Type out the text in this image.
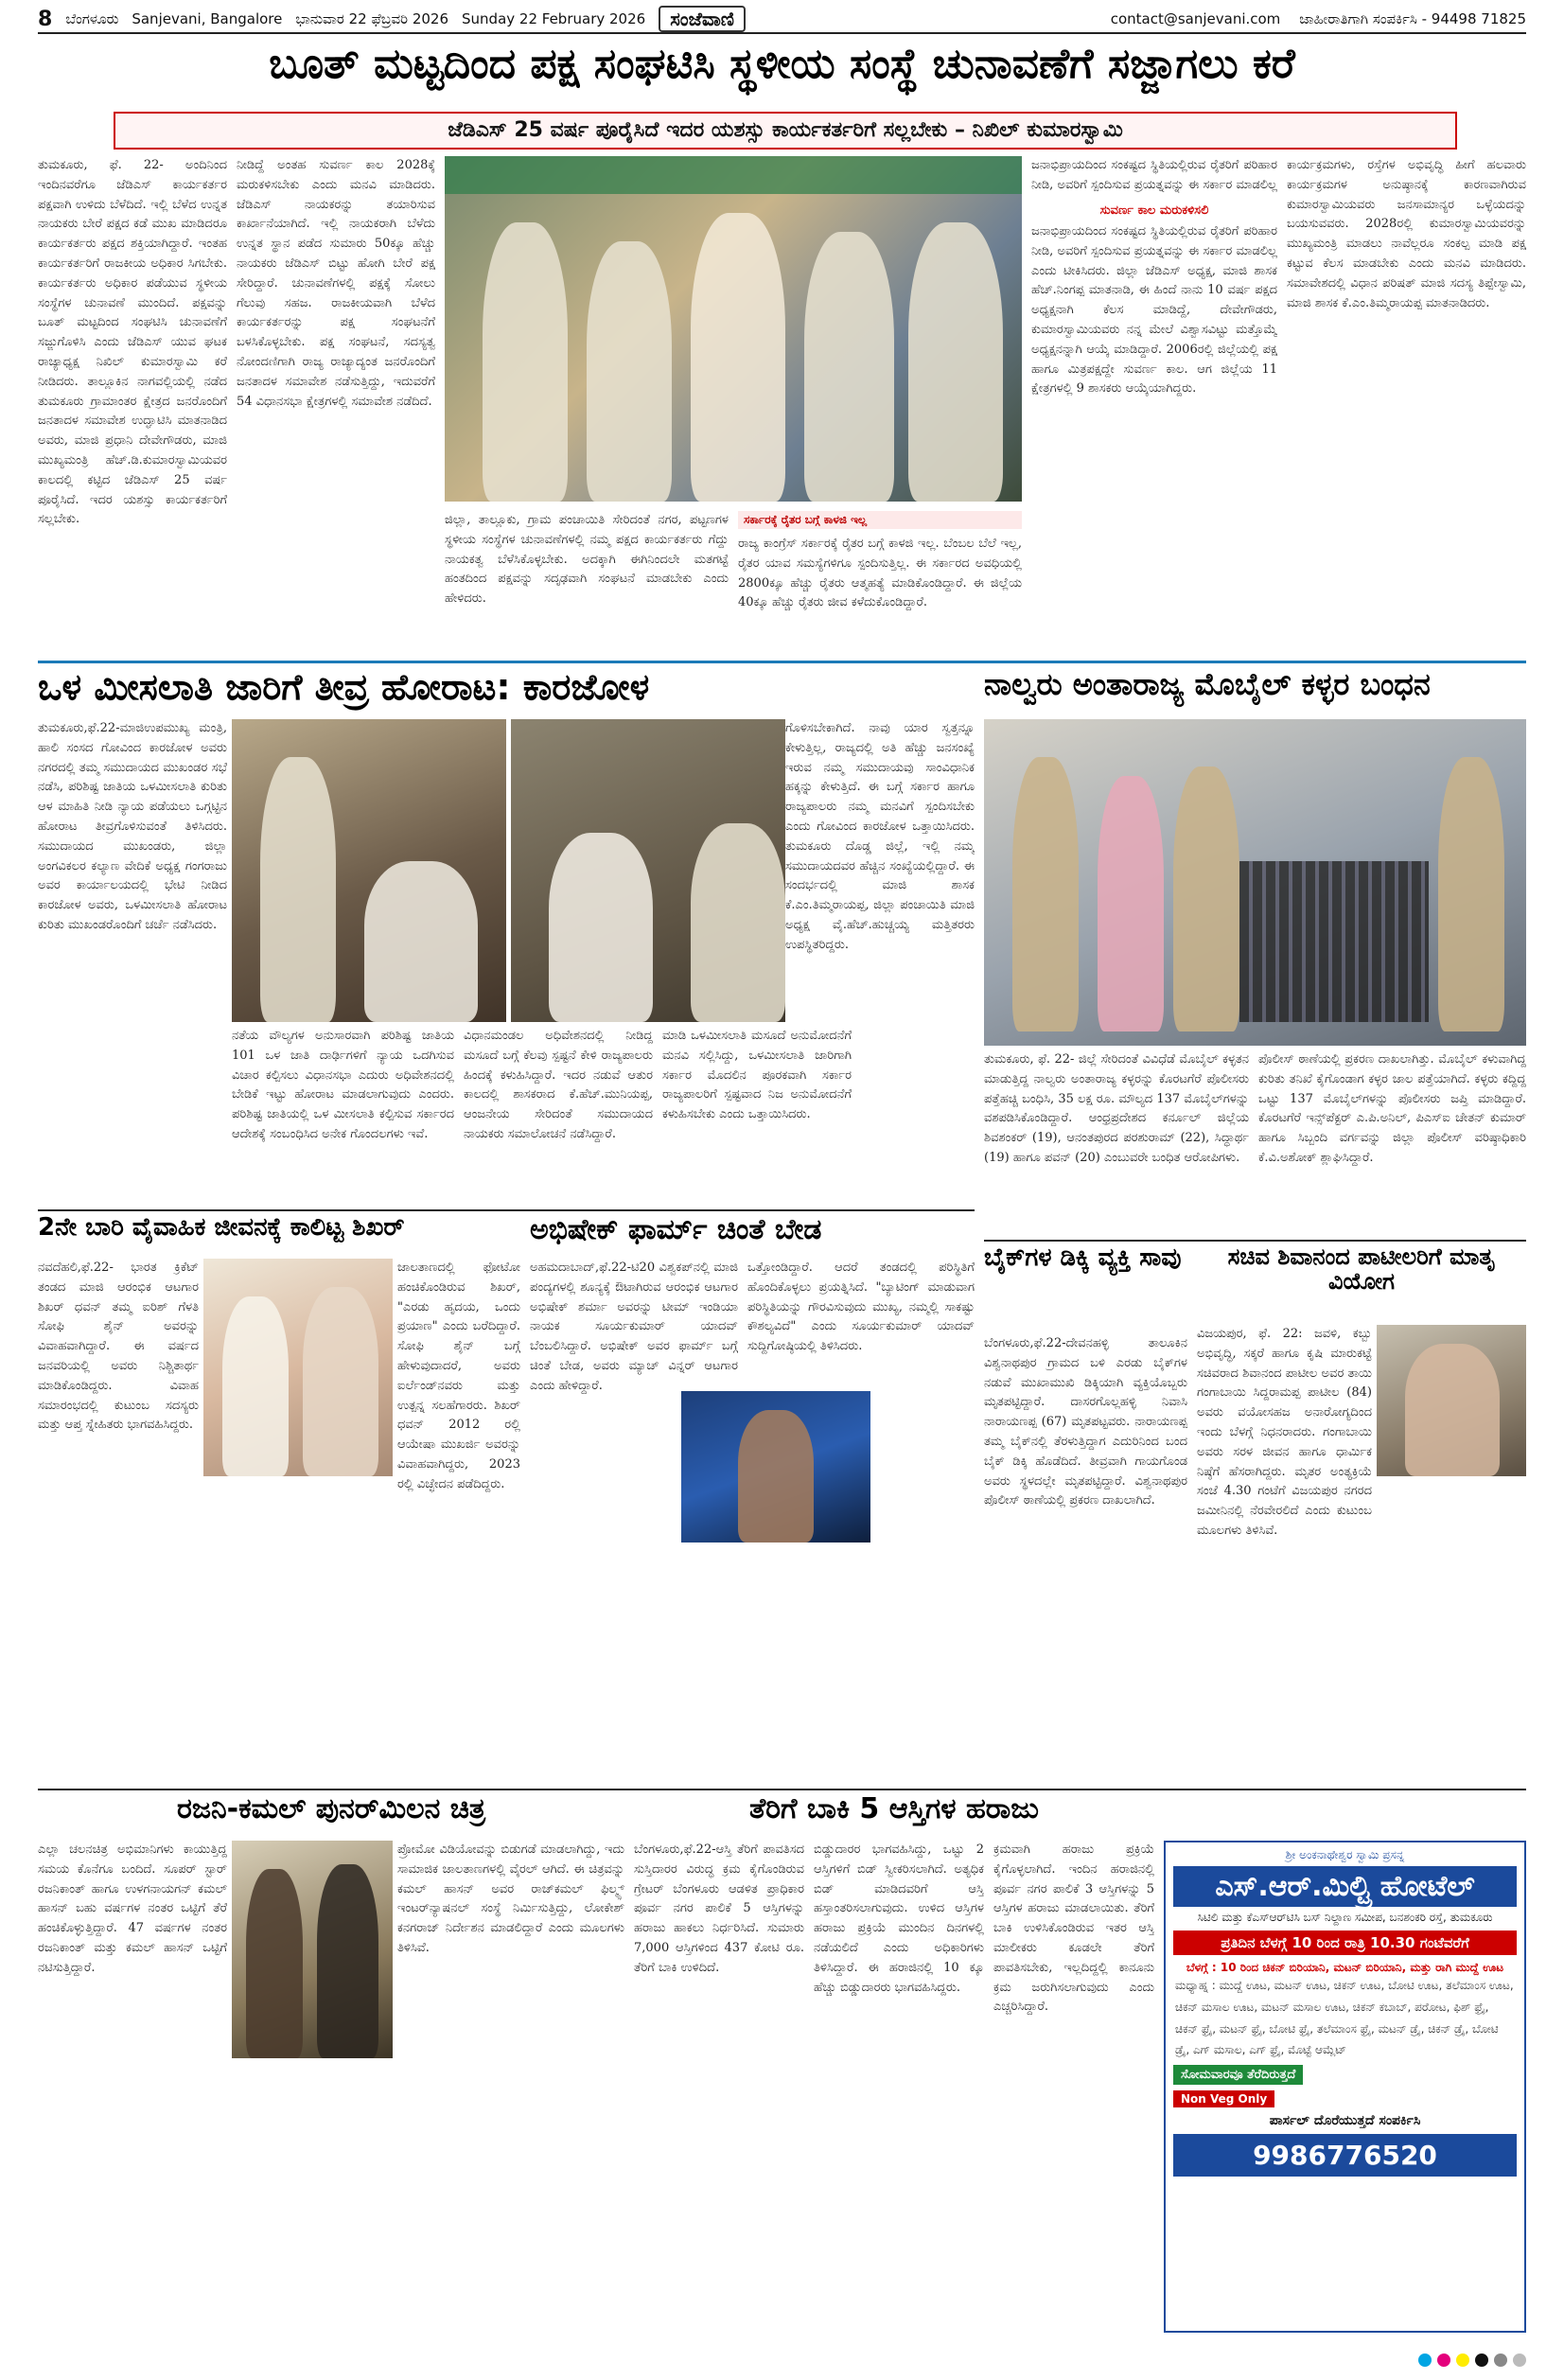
8 ಬೆಂಗಳೂರು Sanjevani, Bangalore ಭಾನುವಾರ 22 ಫೆಬ್ರವರಿ 2026 Sunday 22 February 2026	ಸಂಜೆವಾಣಿ	contact@sanjevani.com ಜಾಹೀರಾತಿಗಾಗಿ ಸಂಪರ್ಕಿಸಿ - 94498 71825
ಬೂತ್ ಮಟ್ಟದಿಂದ ಪಕ್ಷ ಸಂಘಟಿಸಿ ಸ್ಥಳೀಯ ಸಂಸ್ಥೆ ಚುನಾವಣೆಗೆ ಸಜ್ಜಾಗಲು ಕರೆ
ಜೆಡಿಎಸ್ 25 ವರ್ಷ ಪೂರೈಸಿದೆ ಇದರ ಯಶಸ್ಸು ಕಾರ್ಯಕರ್ತರಿಗೆ ಸಲ್ಲಬೇಕು – ನಿಖಿಲ್ ಕುಮಾರಸ್ವಾಮಿ
ತುಮಕೂರು, ಫೆ. 22- ಅಂದಿನಿಂದ ಇಂದಿನವರೆಗೂ ಜೆಡಿಎಸ್ ಕಾರ್ಯಕರ್ತರ ಪಕ್ಷವಾಗಿ ಉಳಿದು ಬೆಳೆದಿದೆ. ಇಲ್ಲಿ ಬೆಳೆದ ಉನ್ನತ ನಾಯಕರು ಬೇರೆ ಪಕ್ಷದ ಕಡೆ ಮುಖ ಮಾಡಿದರೂ ಕಾರ್ಯಕರ್ತರು ಪಕ್ಷದ ಶಕ್ತಿಯಾಗಿದ್ದಾರೆ. ಇಂತಹ ಕಾರ್ಯಕರ್ತರಿಗೆ ರಾಜಕೀಯ ಅಧಿಕಾರ ಸಿಗಬೇಕು. ಕಾರ್ಯಕರ್ತರು ಅಧಿಕಾರ ಪಡೆಯುವ ಸ್ಥಳೀಯ ಸಂಸ್ಥೆಗಳ ಚುನಾವಣೆ ಮುಂದಿದೆ. ಪಕ್ಷವನ್ನು ಬೂತ್ ಮಟ್ಟದಿಂದ ಸಂಘಟಿಸಿ ಚುನಾವಣೆಗೆ ಸಜ್ಜುಗೊಳಿಸಿ ಎಂದು ಜೆಡಿಎಸ್ ಯುವ ಘಟಕ ರಾಜ್ಯಾಧ್ಯಕ್ಷ ನಿಖಿಲ್ ಕುಮಾರಸ್ವಾಮಿ ಕರೆ ನೀಡಿದರು. ತಾಲ್ಲೂಕಿನ ನಾಗವಲ್ಲಿಯಲ್ಲಿ ನಡೆದ ತುಮಕೂರು ಗ್ರಾಮಾಂತರ ಕ್ಷೇತ್ರದ ಜನರೊಂದಿಗೆ ಜನತಾದಳ ಸಮಾವೇಶ ಉದ್ಘಾಟಿಸಿ ಮಾತನಾಡಿದ ಅವರು, ಮಾಜಿ ಪ್ರಧಾನಿ ದೇವೇಗೌಡರು, ಮಾಜಿ ಮುಖ್ಯಮಂತ್ರಿ ಹೆಚ್.ಡಿ.ಕುಮಾರಸ್ವಾಮಿಯವರ ಕಾಲದಲ್ಲಿ ಕಟ್ಟಿದ ಜೆಡಿಎಸ್ 25 ವರ್ಷ ಪೂರೈಸಿದೆ. ಇದರ ಯಶಸ್ಸು ಕಾರ್ಯಕರ್ತರಿಗೆ ಸಲ್ಲಬೇಕು.
ನೀಡಿದ್ದೆ ಅಂತಹ ಸುವರ್ಣ ಕಾಲ 2028ಕ್ಕೆ ಮರುಕಳಿಸಬೇಕು ಎಂದು ಮನವಿ ಮಾಡಿದರು. ಜೆಡಿಎಸ್ ನಾಯಕರನ್ನು ತಯಾರಿಸುವ ಕಾರ್ಖಾನೆಯಾಗಿದೆ. ಇಲ್ಲಿ ನಾಯಕರಾಗಿ ಬೆಳೆದು ಉನ್ನತ ಸ್ಥಾನ ಪಡೆದ ಸುಮಾರು 50ಕ್ಕೂ ಹೆಚ್ಚು ನಾಯಕರು ಜೆಡಿಎಸ್ ಬಿಟ್ಟು ಹೋಗಿ ಬೇರೆ ಪಕ್ಷ ಸೇರಿದ್ದಾರೆ. ಚುನಾವಣೆಗಳಲ್ಲಿ ಪಕ್ಷಕ್ಕೆ ಸೋಲು ಗೆಲುವು ಸಹಜ. ರಾಜಕೀಯವಾಗಿ ಬೆಳೆದ ಕಾರ್ಯಕರ್ತರನ್ನು ಪಕ್ಷ ಸಂಘಟನೆಗೆ ಬಳಸಿಕೊಳ್ಳಬೇಕು. ಪಕ್ಷ ಸಂಘಟನೆ, ಸದಸ್ಯತ್ವ ನೋಂದಣಿಗಾಗಿ ರಾಜ್ಯ ರಾಜ್ಯಾದ್ಯಂತ ಜನರೊಂದಿಗೆ ಜನತಾದಳ ಸಮಾವೇಶ ನಡೆಸುತ್ತಿದ್ದು, ಇದುವರೆಗೆ 54 ವಿಧಾನಸಭಾ ಕ್ಷೇತ್ರಗಳಲ್ಲಿ ಸಮಾವೇಶ ನಡೆದಿದೆ.
ಜಿಲ್ಲಾ, ತಾಲ್ಲೂಕು, ಗ್ರಾಮ ಪಂಚಾಯಿತಿ ಸೇರಿದಂತೆ ನಗರ, ಪಟ್ಟಣಗಳ ಸ್ಥಳೀಯ ಸಂಸ್ಥೆಗಳ ಚುನಾವಣೆಗಳಲ್ಲಿ ನಮ್ಮ ಪಕ್ಷದ ಕಾರ್ಯಕರ್ತರು ಗೆದ್ದು ನಾಯಕತ್ವ ಬೆಳೆಸಿಕೊಳ್ಳಬೇಕು. ಅದಕ್ಕಾಗಿ ಈಗಿನಿಂದಲೇ ಮತಗಟ್ಟೆ ಹಂತದಿಂದ ಪಕ್ಷವನ್ನು ಸದೃಢವಾಗಿ ಸಂಘಟನೆ ಮಾಡಬೇಕು ಎಂದು ಹೇಳಿದರು.
ಸರ್ಕಾರಕ್ಕೆ ರೈತರ ಬಗ್ಗೆ ಕಾಳಜಿ ಇಲ್ಲ
ರಾಜ್ಯ ಕಾಂಗ್ರೆಸ್ ಸರ್ಕಾರಕ್ಕೆ ರೈತರ ಬಗ್ಗೆ ಕಾಳಜಿ ಇಲ್ಲ. ಬೆಂಬಲ ಬೆಲೆ ಇಲ್ಲ, ರೈತರ ಯಾವ ಸಮಸ್ಯೆಗಳಿಗೂ ಸ್ಪಂದಿಸುತ್ತಿಲ್ಲ. ಈ ಸರ್ಕಾರದ ಅವಧಿಯಲ್ಲಿ 2800ಕ್ಕೂ ಹೆಚ್ಚು ರೈತರು ಆತ್ಮಹತ್ಯೆ ಮಾಡಿಕೊಂಡಿದ್ದಾರೆ. ಈ ಜಿಲ್ಲೆಯ 40ಕ್ಕೂ ಹೆಚ್ಚು ರೈತರು ಜೀವ ಕಳೆದುಕೊಂಡಿದ್ದಾರೆ.
ಜನಾಭಿಪ್ರಾಯದಿಂದ ಸಂಕಷ್ಟದ ಸ್ಥಿತಿಯಲ್ಲಿರುವ ರೈತರಿಗೆ ಪರಿಹಾರ ನೀಡಿ, ಅವರಿಗೆ ಸ್ಪಂದಿಸುವ ಪ್ರಯತ್ನವನ್ನು ಈ ಸರ್ಕಾರ ಮಾಡಲಿಲ್ಲ
ಸುವರ್ಣ ಕಾಲ ಮರುಕಳಿಸಲಿ
ಜನಾಭಿಪ್ರಾಯದಿಂದ ಸಂಕಷ್ಟದ ಸ್ಥಿತಿಯಲ್ಲಿರುವ ರೈತರಿಗೆ ಪರಿಹಾರ ನೀಡಿ, ಅವರಿಗೆ ಸ್ಪಂದಿಸುವ ಪ್ರಯತ್ನವನ್ನು ಈ ಸರ್ಕಾರ ಮಾಡಲಿಲ್ಲ ಎಂದು ಟೀಕಿಸಿದರು. ಜಿಲ್ಲಾ ಜೆಡಿಎಸ್ ಅಧ್ಯಕ್ಷ, ಮಾಜಿ ಶಾಸಕ ಹೆಚ್.ನಿಂಗಪ್ಪ ಮಾತನಾಡಿ, ಈ ಹಿಂದೆ ನಾನು 10 ವರ್ಷ ಪಕ್ಷದ ಅಧ್ಯಕ್ಷನಾಗಿ ಕೆಲಸ ಮಾಡಿದ್ದೆ, ದೇವೇಗೌಡರು, ಕುಮಾರಸ್ವಾಮಿಯವರು ನನ್ನ ಮೇಲೆ ವಿಶ್ವಾಸವಿಟ್ಟು ಮತ್ತೊಮ್ಮೆ ಅಧ್ಯಕ್ಷನನ್ನಾಗಿ ಆಯ್ಕೆ ಮಾಡಿದ್ದಾರೆ. 2006ರಲ್ಲಿ ಜಿಲ್ಲೆಯಲ್ಲಿ ಪಕ್ಷ ಹಾಗೂ ಮಿತ್ರಪಕ್ಷದ್ದೇ ಸುವರ್ಣ ಕಾಲ. ಆಗ ಜಿಲ್ಲೆಯ 11 ಕ್ಷೇತ್ರಗಳಲ್ಲಿ 9 ಶಾಸಕರು ಆಯ್ಕೆಯಾಗಿದ್ದರು.
ಕಾರ್ಯಕ್ರಮಗಳು, ರಸ್ತೆಗಳ ಅಭಿವೃದ್ಧಿ ಹೀಗೆ ಹಲವಾರು ಕಾರ್ಯಕ್ರಮಗಳ ಅನುಷ್ಠಾನಕ್ಕೆ ಕಾರಣವಾಗಿರುವ ಕುಮಾರಸ್ವಾಮಿಯವರು ಜನಸಾಮಾನ್ಯರ ಒಳ್ಳೆಯದನ್ನು ಬಯಸುವವರು. 2028ರಲ್ಲಿ ಕುಮಾರಸ್ವಾಮಿಯವರನ್ನು ಮುಖ್ಯಮಂತ್ರಿ ಮಾಡಲು ನಾವೆಲ್ಲರೂ ಸಂಕಲ್ಪ ಮಾಡಿ ಪಕ್ಷ ಕಟ್ಟುವ ಕೆಲಸ ಮಾಡಬೇಕು ಎಂದು ಮನವಿ ಮಾಡಿದರು. ಸಮಾವೇಶದಲ್ಲಿ ವಿಧಾನ ಪರಿಷತ್ ಮಾಜಿ ಸದಸ್ಯ ತಿಪ್ಪೇಸ್ವಾಮಿ, ಮಾಜಿ ಶಾಸಕ ಕೆ.ಎಂ.ತಿಮ್ಮರಾಯಪ್ಪ ಮಾತನಾಡಿದರು.
ಒಳ ಮೀಸಲಾತಿ ಜಾರಿಗೆ ತೀವ್ರ ಹೋರಾಟ: ಕಾರಜೋಳ
ತುಮಕೂರು,ಫೆ.22-ಮಾಜಿಉಪಮುಖ್ಯ ಮಂತ್ರಿ, ಹಾಲಿ ಸಂಸದ ಗೋವಿಂದ ಕಾರಜೋಳ ಅವರು ನಗರದಲ್ಲಿ ತಮ್ಮ ಸಮುದಾಯದ ಮುಖಂಡರ ಸಭೆ ನಡೆಸಿ, ಪರಿಶಿಷ್ಟ ಜಾತಿಯ ಒಳಮೀಸಲಾತಿ ಕುರಿತು ಆಳ ಮಾಹಿತಿ ನೀಡಿ ನ್ಯಾಯ ಪಡೆಯಲು ಒಗ್ಗಟ್ಟಿನ ಹೋರಾಟ ತೀವ್ರಗೊಳಿಸುವಂತೆ ತಿಳಿಸಿದರು. ಸಮುದಾಯದ ಮುಖಂಡರು, ಜಿಲ್ಲಾ ಅಂಗವಿಕಲರ ಕಲ್ಯಾಣ ವೇದಿಕೆ ಅಧ್ಯಕ್ಷ ಗಂಗರಾಜು ಅವರ ಕಾರ್ಯಾಲಯದಲ್ಲಿ ಭೇಟಿ ನೀಡಿದ ಕಾರಜೋಳ ಅವರು, ಒಳಮೀಸಲಾತಿ ಹೋರಾಟ ಕುರಿತು ಮುಖಂಡರೊಂದಿಗೆ ಚರ್ಚೆ ನಡೆಸಿದರು.
ನತೆಯ ವೌಲ್ಯಗಳ ಅನುಸಾರವಾಗಿ ಪರಿಶಿಷ್ಟ ಜಾತಿಯ 101 ಒಳ ಜಾತಿ ದಾರ್ಢಿಗಳಿಗೆ ನ್ಯಾಯ ಒದಗಿಸುವ ವಿಚಾರ ಕಲ್ಪಿಸಲು ವಿಧಾನಸಭಾ ಎದುರು ಅಧಿವೇಶನದಲ್ಲಿ ಬೇಡಿಕೆ ಇಟ್ಟು ಹೋರಾಟ ಮಾಡಲಾಗುವುದು ಎಂದರು. ಪರಿಶಿಷ್ಟ ಜಾತಿಯಲ್ಲಿ ಒಳ ಮೀಸಲಾತಿ ಕಲ್ಪಿಸುವ ಸರ್ಕಾರದ ಆದೇಶಕ್ಕೆ ಸಂಬಂಧಿಸಿದ ಅನೇಕ ಗೊಂದಲಗಳು ಇವೆ.
ವಿಧಾನಮಂಡಲ ಅಧಿವೇಶನದಲ್ಲಿ ನೀಡಿದ್ದ ಮಸೂದೆ ಬಗ್ಗೆ ಕೆಲವು ಸ್ಪಷ್ಟನೆ ಕೇಳಿ ರಾಜ್ಯಪಾಲರು ಹಿಂದಕ್ಕೆ ಕಳುಹಿಸಿದ್ದಾರೆ. ಇದರ ನಡುವೆ ಆತುರ ಕಾಲದಲ್ಲಿ ಶಾಸಕರಾದ ಕೆ.ಹೆಚ್.ಮುನಿಯಪ್ಪ, ಆಂಜನೇಯ ಸೇರಿದಂತೆ ಸಮುದಾಯದ ನಾಯಕರು ಸಮಾಲೋಚನೆ ನಡೆಸಿದ್ದಾರೆ.
ಮಾಡಿ ಒಳಮೀಸಲಾತಿ ಮಸೂದೆ ಅನುಮೋದನೆಗೆ ಮನವಿ ಸಲ್ಲಿಸಿದ್ದು, ಒಳಮೀಸಲಾತಿ ಜಾರಿಗಾಗಿ ಸರ್ಕಾರ ಮೊದಲಿನ ಪೂರಕವಾಗಿ ಸರ್ಕಾರ ರಾಜ್ಯಪಾಲರಿಗೆ ಸ್ಪಷ್ಟವಾದ ನಿಜ ಅನುಮೋದನೆಗೆ ಕಳುಹಿಸಬೇಕು ಎಂದು ಒತ್ತಾಯಿಸಿದರು.
ಗೊಳಿಸಬೇಕಾಗಿದೆ. ನಾವು ಯಾರ ಸ್ವತ್ತನ್ನೂ ಕೇಳುತ್ತಿಲ್ಲ, ರಾಜ್ಯದಲ್ಲಿ ಅತಿ ಹೆಚ್ಚು ಜನಸಂಖ್ಯೆ ಇರುವ ನಮ್ಮ ಸಮುದಾಯವು ಸಾಂವಿಧಾನಿಕ ಹಕ್ಕನ್ನು ಕೇಳುತ್ತಿದೆ. ಈ ಬಗ್ಗೆ ಸರ್ಕಾರ ಹಾಗೂ ರಾಜ್ಯಪಾಲರು ನಮ್ಮ ಮನವಿಗೆ ಸ್ಪಂದಿಸಬೇಕು ಎಂದು ಗೋವಿಂದ ಕಾರಜೋಳ ಒತ್ತಾಯಿಸಿದರು. ತುಮಕೂರು ದೊಡ್ಡ ಜಿಲ್ಲೆ, ಇಲ್ಲಿ ನಮ್ಮ ಸಮುದಾಯದವರ ಹೆಚ್ಚಿನ ಸಂಖ್ಯೆಯಲ್ಲಿದ್ದಾರೆ. ಈ ಸಂದರ್ಭದಲ್ಲಿ ಮಾಜಿ ಶಾಸಕ ಕೆ.ಎಂ.ತಿಮ್ಮರಾಯಪ್ಪ, ಜಿಲ್ಲಾ ಪಂಚಾಯಿತಿ ಮಾಜಿ ಅಧ್ಯಕ್ಷ ವೈ.ಹೆಚ್.ಹುಚ್ಚಯ್ಯ ಮತ್ತಿತರರು ಉಪಸ್ಥಿತರಿದ್ದರು.
ನಾಲ್ವರು ಅಂತಾರಾಜ್ಯ ಮೊಬೈಲ್ ಕಳ್ಳರ ಬಂಧನ
ತುಮಕೂರು, ಫೆ. 22- ಜಿಲ್ಲೆ ಸೇರಿದಂತೆ ವಿವಿಧೆಡೆ ಮೊಬೈಲ್ ಕಳ್ಳತನ ಮಾಡುತ್ತಿದ್ದ ನಾಲ್ವರು ಅಂತಾರಾಜ್ಯ ಕಳ್ಳರನ್ನು ಕೊರಟಗೆರೆ ಪೊಲೀಸರು ಪತ್ತೆಹಚ್ಚಿ ಬಂಧಿಸಿ, 35 ಲಕ್ಷ ರೂ. ಮೌಲ್ಯದ 137 ಮೊಬೈಲ್‌ಗಳನ್ನು ವಶಪಡಿಸಿಕೊಂಡಿದ್ದಾರೆ. ಆಂಧ್ರಪ್ರದೇಶದ ಕರ್ನೂಲ್ ಜಿಲ್ಲೆಯ ಶಿವಶಂಕರ್ (19), ಆನಂತಪುರದ ಪರಶುರಾಮ್ (22), ಸಿದ್ಧಾರ್ಥ (19) ಹಾಗೂ ಪವನ್ (20) ಎಂಬುವರೇ ಬಂಧಿತ ಆರೋಪಿಗಳು.
ಪೊಲೀಸ್ ಠಾಣೆಯಲ್ಲಿ ಪ್ರಕರಣ ದಾಖಲಾಗಿತ್ತು. ಮೊಬೈಲ್ ಕಳುವಾಗಿದ್ದ ಕುರಿತು ತನಿಖೆ ಕೈಗೊಂಡಾಗ ಕಳ್ಳರ ಜಾಲ ಪತ್ತೆಯಾಗಿದೆ. ಕಳ್ಳರು ಕದ್ದಿದ್ದ ಒಟ್ಟು 137 ಮೊಬೈಲ್‌ಗಳನ್ನು ಪೊಲೀಸರು ಜಪ್ತಿ ಮಾಡಿದ್ದಾರೆ. ಕೊರಟಗೆರೆ ಇನ್ಸ್‌ಪೆಕ್ಟರ್ ಎ.ಪಿ.ಅನಿಲ್, ಪಿಎಸ್‌ಐ ಚೇತನ್ ಕುಮಾರ್ ಹಾಗೂ ಸಿಬ್ಬಂದಿ ವರ್ಗವನ್ನು ಜಿಲ್ಲಾ ಪೊಲೀಸ್ ವರಿಷ್ಠಾಧಿಕಾರಿ ಕೆ.ವಿ.ಅಶೋಕ್ ಶ್ಲಾಘಿಸಿದ್ದಾರೆ.
2ನೇ ಬಾರಿ ವೈವಾಹಿಕ ಜೀವನಕ್ಕೆ ಕಾಲಿಟ್ಟ ಶಿಖರ್
ನವದೆಹಲಿ,ಫೆ.22- ಭಾರತ ಕ್ರಿಕೆಟ್ ತಂಡದ ಮಾಜಿ ಆರಂಭಿಕ ಆಟಗಾರ ಶಿಖರ್ ಧವನ್ ತಮ್ಮ ಐರಿಶ್ ಗೆಳತಿ ಸೋಫಿ ಶೈನ್ ಅವರನ್ನು ವಿವಾಹವಾಗಿದ್ದಾರೆ. ಈ ವರ್ಷದ ಜನವರಿಯಲ್ಲಿ ಅವರು ನಿಶ್ಚಿತಾರ್ಥ ಮಾಡಿಕೊಂಡಿದ್ದರು. ವಿವಾಹ ಸಮಾರಂಭದಲ್ಲಿ ಕುಟುಂಬ ಸದಸ್ಯರು ಮತ್ತು ಆಪ್ತ ಸ್ನೇಹಿತರು ಭಾಗವಹಿಸಿದ್ದರು.
ಜಾಲತಾಣದಲ್ಲಿ ಫೋಟೋ ಹಂಚಿಕೊಂಡಿರುವ ಶಿಖರ್, "ಎರಡು ಹೃದಯ, ಒಂದು ಪ್ರಯಾಣ" ಎಂದು ಬರೆದಿದ್ದಾರೆ. ಸೋಫಿ ಶೈನ್ ಬಗ್ಗೆ ಹೇಳುವುದಾದರೆ, ಅವರು ಐರ್ಲೆಂಡ್‌ನವರು ಮತ್ತು ಉತ್ಪನ್ನ ಸಲಹೆಗಾರರು. ಶಿಖರ್ ಧವನ್ 2012 ರಲ್ಲಿ ಆಯೇಷಾ ಮುಖರ್ಜಿ ಅವರನ್ನು ವಿವಾಹವಾಗಿದ್ದರು, 2023 ರಲ್ಲಿ ವಿಚ್ಛೇದನ ಪಡೆದಿದ್ದರು.
ಅಭಿಷೇಕ್ ಫಾರ್ಮ್ ಚಿಂತೆ ಬೇಡ
ಅಹಮದಾಬಾದ್,ಫೆ.22-ಟಿ20 ವಿಶ್ವಕಪ್‌ನಲ್ಲಿ ಮಾಜಿ ಪಂದ್ಯಗಳಲ್ಲಿ ಶೂನ್ಯಕ್ಕೆ ಔಟಾಗಿರುವ ಆರಂಭಿಕ ಆಟಗಾರ ಅಭಿಷೇಕ್ ಶರ್ಮಾ ಅವರನ್ನು ಟೀಮ್ ಇಂಡಿಯಾ ನಾಯಕ ಸೂರ್ಯಕುಮಾರ್ ಯಾದವ್ ಬೆಂಬಲಿಸಿದ್ದಾರೆ. ಅಭಿಷೇಕ್ ಅವರ ಫಾರ್ಮ್ ಬಗ್ಗೆ ಚಿಂತೆ ಬೇಡ, ಅವರು ಮ್ಯಾಚ್ ವಿನ್ನರ್ ಆಟಗಾರ ಎಂದು ಹೇಳಿದ್ದಾರೆ.
ಒತ್ತೋಂಡಿದ್ದಾರೆ. ಆದರೆ ತಂಡದಲ್ಲಿ ಪರಿಸ್ಥಿತಿಗೆ ಹೊಂದಿಕೊಳ್ಳಲು ಪ್ರಯತ್ನಿಸಿದೆ. "ಬ್ಯಾಟಿಂಗ್ ಮಾಡುವಾಗ ಪರಿಸ್ಥಿತಿಯನ್ನು ಗೌರವಿಸುವುದು ಮುಖ್ಯ, ನಮ್ಮಲ್ಲಿ ಸಾಕಷ್ಟು ಕೌಶಲ್ಯವಿದೆ" ಎಂದು ಸೂರ್ಯಕುಮಾರ್ ಯಾದವ್ ಸುದ್ದಿಗೋಷ್ಠಿಯಲ್ಲಿ ತಿಳಿಸಿದರು.
ಬೈಕ್‌ಗಳ ಡಿಕ್ಕಿ ವ್ಯಕ್ತಿ ಸಾವು
ಬೆಂಗಳೂರು,ಫೆ.22-ದೇವನಹಳ್ಳಿ ತಾಲೂಕಿನ ವಿಶ್ವನಾಥಪುರ ಗ್ರಾಮದ ಬಳಿ ಎರಡು ಬೈಕ್‌ಗಳ ನಡುವೆ ಮುಖಾಮುಖಿ ಡಿಕ್ಕಿಯಾಗಿ ವ್ಯಕ್ತಿಯೊಬ್ಬರು ಮೃತಪಟ್ಟಿದ್ದಾರೆ. ದಾಸರಗೊಲ್ಲಹಳ್ಳಿ ನಿವಾಸಿ ನಾರಾಯಣಪ್ಪ (67) ಮೃತಪಟ್ಟವರು. ನಾರಾಯಣಪ್ಪ ತಮ್ಮ ಬೈಕ್‌ನಲ್ಲಿ ತೆರಳುತ್ತಿದ್ದಾಗ ಎದುರಿನಿಂದ ಬಂದ ಬೈಕ್ ಡಿಕ್ಕಿ ಹೊಡೆದಿದೆ. ತೀವ್ರವಾಗಿ ಗಾಯಗೊಂಡ ಅವರು ಸ್ಥಳದಲ್ಲೇ ಮೃತಪಟ್ಟಿದ್ದಾರೆ. ವಿಶ್ವನಾಥಪುರ ಪೊಲೀಸ್ ಠಾಣೆಯಲ್ಲಿ ಪ್ರಕರಣ ದಾಖಲಾಗಿದೆ.
ಸಚಿವ ಶಿವಾನಂದ ಪಾಟೀಲರಿಗೆ ಮಾತೃ ವಿಯೋಗ
ವಿಜಯಪುರ, ಫೆ. 22: ಜವಳಿ, ಕಬ್ಬು ಅಭಿವೃದ್ಧಿ, ಸಕ್ಕರೆ ಹಾಗೂ ಕೃಷಿ ಮಾರುಕಟ್ಟೆ ಸಚಿವರಾದ ಶಿವಾನಂದ ಪಾಟೀಲ ಅವರ ತಾಯಿ ಗಂಗಾಬಾಯಿ ಸಿದ್ದರಾಮಪ್ಪ ಪಾಟೀಲ (84) ಅವರು ವಯೋಸಹಜ ಅನಾರೋಗ್ಯದಿಂದ ಇಂದು ಬೆಳಗ್ಗೆ ನಿಧನರಾದರು. ಗಂಗಾಬಾಯಿ ಅವರು ಸರಳ ಜೀವನ ಹಾಗೂ ಧಾರ್ಮಿಕ ನಿಷ್ಠೆಗೆ ಹೆಸರಾಗಿದ್ದರು. ಮೃತರ ಅಂತ್ಯಕ್ರಿಯೆ ಸಂಜೆ 4.30 ಗಂಟೆಗೆ ವಿಜಯಪುರ ನಗರದ ಜಮೀನಿನಲ್ಲಿ ನೆರವೇರಲಿದೆ ಎಂದು ಕುಟುಂಬ ಮೂಲಗಳು ತಿಳಿಸಿವೆ.
ರಜನಿ-ಕಮಲ್ ಪುನರ್‌ಮಿಲನ ಚಿತ್ರ
ಎಲ್ಲಾ ಚಲನಚಿತ್ರ ಅಭಿಮಾನಿಗಳು ಕಾಯುತ್ತಿದ್ದ ಸಮಯ ಕೊನೆಗೂ ಬಂದಿದೆ. ಸೂಪರ್ ಸ್ಟಾರ್ ರಜನಿಕಾಂತ್ ಹಾಗೂ ಉಳಗನಾಯಗನ್ ಕಮಲ್ ಹಾಸನ್ ಬಹು ವರ್ಷಗಳ ನಂತರ ಒಟ್ಟಿಗೆ ತೆರೆ ಹಂಚಿಕೊಳ್ಳುತ್ತಿದ್ದಾರೆ. 47 ವರ್ಷಗಳ ನಂತರ ರಜನಿಕಾಂತ್ ಮತ್ತು ಕಮಲ್ ಹಾಸನ್ ಒಟ್ಟಿಗೆ ನಟಿಸುತ್ತಿದ್ದಾರೆ.
ಪ್ರೋಮೋ ವಿಡಿಯೋವನ್ನು ಬಿಡುಗಡೆ ಮಾಡಲಾಗಿದ್ದು, ಇದು ಸಾಮಾಜಿಕ ಜಾಲತಾಣಗಳಲ್ಲಿ ವೈರಲ್ ಆಗಿದೆ. ಈ ಚಿತ್ರವನ್ನು ಕಮಲ್ ಹಾಸನ್ ಅವರ ರಾಜ್‌ಕಮಲ್ ಫಿಲ್ಮ್ಸ್ ಇಂಟರ್‌ನ್ಯಾಷನಲ್ ಸಂಸ್ಥೆ ನಿರ್ಮಿಸುತ್ತಿದ್ದು, ಲೋಕೇಶ್ ಕನಗರಾಜ್ ನಿರ್ದೇಶನ ಮಾಡಲಿದ್ದಾರೆ ಎಂದು ಮೂಲಗಳು ತಿಳಿಸಿವೆ.
ತೆರಿಗೆ ಬಾಕಿ 5 ಆಸ್ತಿಗಳ ಹರಾಜು
ಬೆಂಗಳೂರು,ಫೆ.22-ಆಸ್ತಿ ತೆರಿಗೆ ಪಾವತಿಸದ ಸುಸ್ತಿದಾರರ ವಿರುದ್ಧ ಕ್ರಮ ಕೈಗೊಂಡಿರುವ ಗ್ರೇಟರ್ ಬೆಂಗಳೂರು ಆಡಳಿತ ಪ್ರಾಧಿಕಾರ ಪೂರ್ವ ನಗರ ಪಾಲಿಕೆ 5 ಆಸ್ತಿಗಳನ್ನು ಹರಾಜು ಹಾಕಲು ನಿರ್ಧರಿಸಿದೆ. ಸುಮಾರು 7,000 ಆಸ್ತಿಗಳಿಂದ 437 ಕೋಟಿ ರೂ. ತೆರಿಗೆ ಬಾಕಿ ಉಳಿದಿದೆ.
ಬಿಡ್ಡುದಾರರ ಭಾಗವಹಿಸಿದ್ದು, ಒಟ್ಟು 2 ಆಸ್ತಿಗಳಿಗೆ ಬಿಡ್ ಸ್ವೀಕರಿಸಲಾಗಿದೆ. ಅತ್ಯಧಿಕ ಬಿಡ್ ಮಾಡಿದವರಿಗೆ ಆಸ್ತಿ ಹಸ್ತಾಂತರಿಸಲಾಗುವುದು. ಉಳಿದ ಆಸ್ತಿಗಳ ಹರಾಜು ಪ್ರಕ್ರಿಯೆ ಮುಂದಿನ ದಿನಗಳಲ್ಲಿ ನಡೆಯಲಿದೆ ಎಂದು ಅಧಿಕಾರಿಗಳು ತಿಳಿಸಿದ್ದಾರೆ. ಈ ಹರಾಜಿನಲ್ಲಿ 10 ಕ್ಕೂ ಹೆಚ್ಚು ಬಿಡ್ಡುದಾರರು ಭಾಗವಹಿಸಿದ್ದರು.
ಕ್ರಮವಾಗಿ ಹರಾಜು ಪ್ರಕ್ರಿಯೆ ಕೈಗೊಳ್ಳಲಾಗಿದೆ. ಇಂದಿನ ಹರಾಜಿನಲ್ಲಿ ಪೂರ್ವ ನಗರ ಪಾಲಿಕೆ 3 ಆಸ್ತಿಗಳನ್ನು 5 ಆಸ್ತಿಗಳ ಹರಾಜು ಮಾಡಲಾಯಿತು. ತೆರಿಗೆ ಬಾಕಿ ಉಳಿಸಿಕೊಂಡಿರುವ ಇತರ ಆಸ್ತಿ ಮಾಲೀಕರು ಕೂಡಲೇ ತೆರಿಗೆ ಪಾವತಿಸಬೇಕು, ಇಲ್ಲದಿದ್ದಲ್ಲಿ ಕಾನೂನು ಕ್ರಮ ಜರುಗಿಸಲಾಗುವುದು ಎಂದು ಎಚ್ಚರಿಸಿದ್ದಾರೆ.
ಶ್ರೀ ಅಂಕನಾಥೇಶ್ವರ ಸ್ವಾಮಿ ಪ್ರಸನ್ನ
ಎಸ್.ಆರ್.ಮಿಲ್ಟ್ರಿ ಹೋಟೆಲ್
ಸಿಟಿಲಿ ಮತ್ತು ಕೆಎಸ್‌ಆರ್‌ಟಿಸಿ ಬಸ್ ನಿಲ್ದಾಣ ಸಮೀಪ, ಬನಶಂಕರಿ ರಸ್ತೆ, ತುಮಕೂರು
ಪ್ರತಿದಿನ ಬೆಳಗ್ಗೆ 10 ರಿಂದ ರಾತ್ರಿ 10.30 ಗಂಟೆವರೆಗೆ
ಬೆಳಗ್ಗೆ : 10 ರಿಂದ ಚಿಕನ್ ಬಿರಿಯಾನಿ, ಮಟನ್ ಬಿರಿಯಾನಿ, ಮತ್ತು ರಾಗಿ ಮುದ್ದೆ ಊಟ
ಮಧ್ಯಾಹ್ನ : ಮುದ್ದೆ ಊಟ, ಮಟನ್ ಊಟ, ಚಿಕನ್ ಊಟ, ಬೋಟಿ ಊಟ, ತಲೆಮಾಂಸ ಊಟ, ಚಿಕನ್ ಮಸಾಲ ಊಟ, ಮಟನ್ ಮಸಾಲ ಊಟ, ಚಿಕನ್ ಕಬಾಬ್, ಪರೋಟ, ಫಿಶ್ ಫ್ರೈ, ಚಿಕನ್ ಫ್ರೈ, ಮಟನ್ ಫ್ರೈ, ಬೋಟಿ ಫ್ರೈ, ತಲೆಮಾಂಸ ಫ್ರೈ, ಮಟನ್ ಡ್ರೈ, ಚಿಕನ್ ಡ್ರೈ, ಬೋಟಿ ಡ್ರೈ, ಎಗ್ ಮಸಾಲ, ಎಗ್ ಫ್ರೈ, ಮೊಟ್ಟೆ ಆಮ್ಲೆಟ್
ಸೋಮವಾರವೂ ತೆರೆದಿರುತ್ತದೆ
Non Veg Only
ಪಾರ್ಸಲ್ ದೊರೆಯುತ್ತದೆ ಸಂಪರ್ಕಿಸಿ
9986776520
